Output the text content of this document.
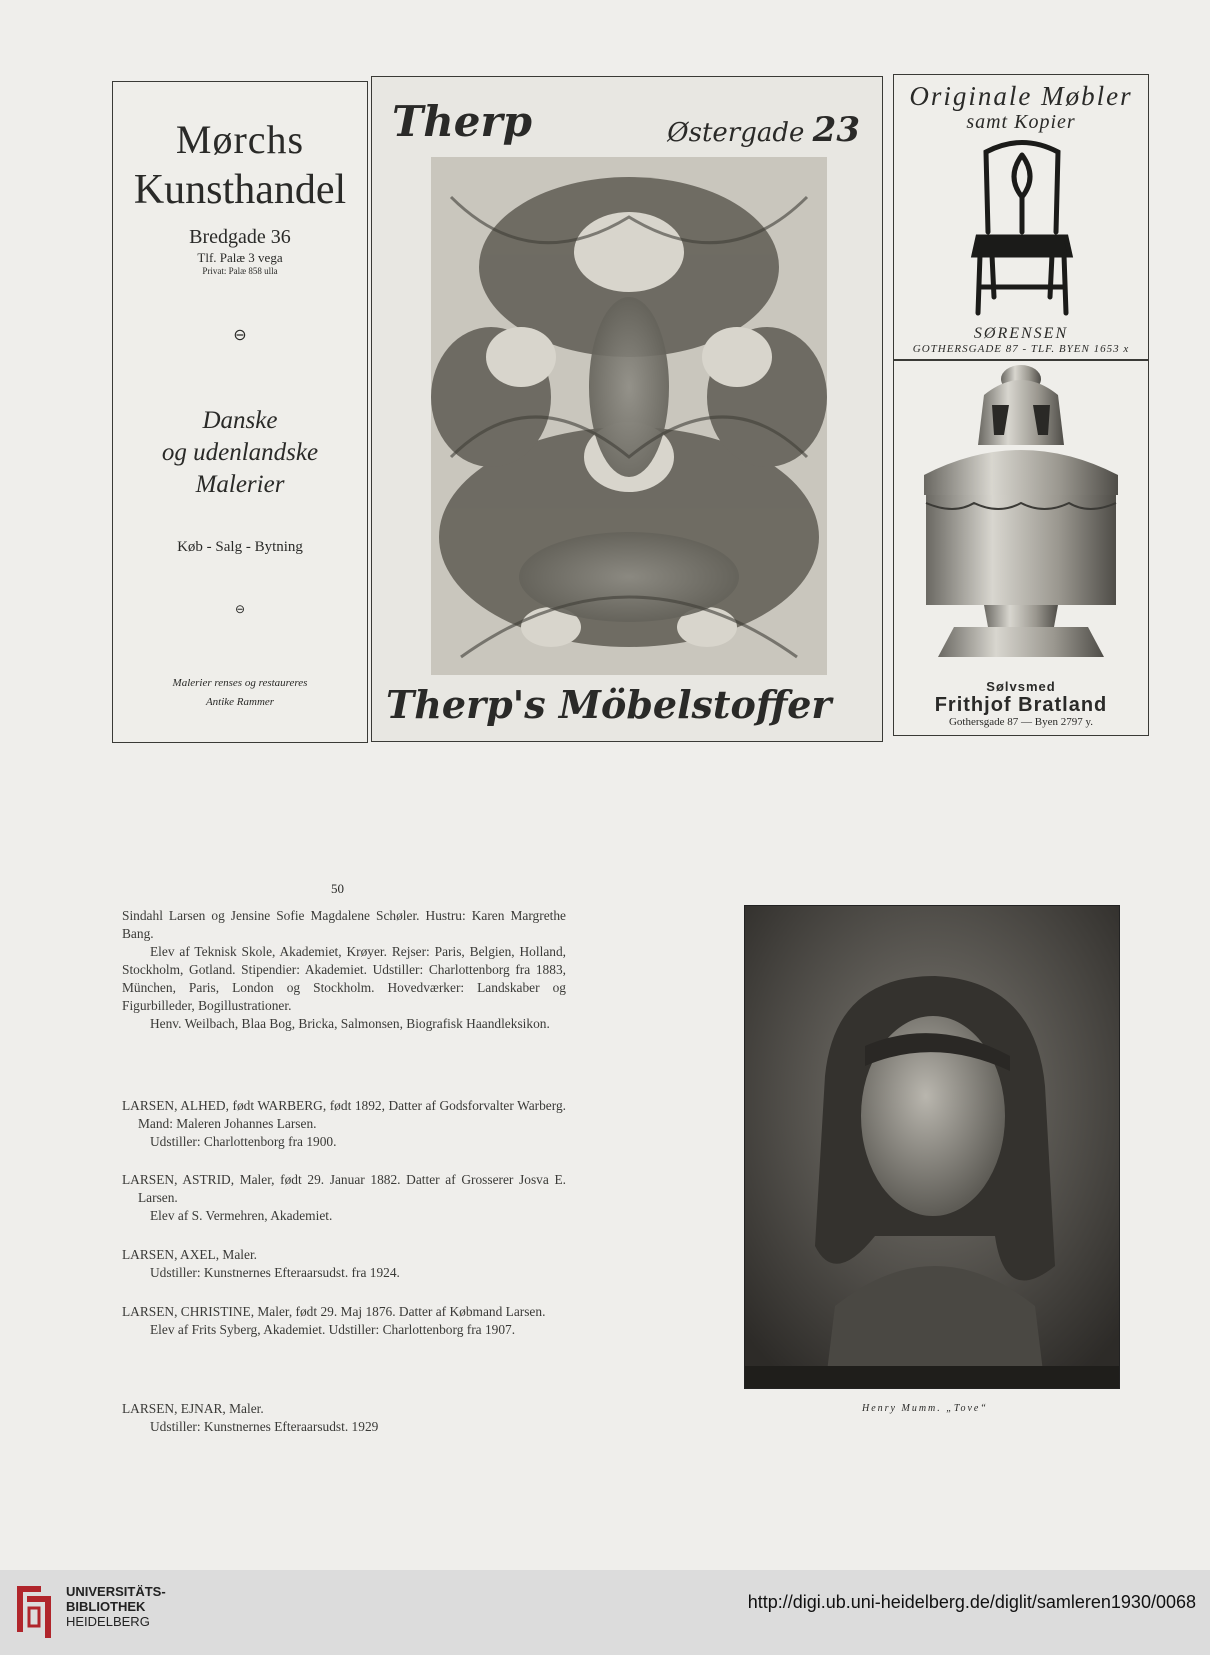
Mørchs
Kunsthandel
Bredgade 36
Tlf. Palæ 3 vega
Privat: Palæ 858 ulla
⊖
Danske
og udenlandske
Malerier
Køb - Salg - Bytning
⊖
Malerier renses og restaureres
Antike Rammer
Therp	Østergade 23
Therp's Möbelstoffer
Originale Møbler
samt Kopier
SØRENSEN
GOTHERSGADE 87 - TLF. BYEN 1653 x
Sølvsmed
Frithjof Bratland
Gothersgade 87 — Byen 2797 y.
50

Sindahl Larsen og Jensine Sofie Magdalene Schøler. Hustru: Karen Margrethe Bang.

Elev af Teknisk Skole, Akademiet, Krøyer. Rejser: Paris, Belgien, Holland, Stockholm, Gotland. Stipendier: Akademiet. Udstiller: Charlottenborg fra 1883, München, Paris, London og Stockholm. Hovedværker: Landskaber og Figurbilleder, Bogillustrationer.

Henv. Weilbach, Blaa Bog, Bricka, Salmonsen, Biografisk Haandleksikon.

LARSEN, ALHED, født WARBERG, født 1892, Datter af Godsforvalter Warberg. Mand: Maleren Johannes Larsen.

Udstiller: Charlottenborg fra 1900.

LARSEN, ASTRID, Maler, født 29. Januar 1882. Datter af Grosserer Josva E. Larsen.

Elev af S. Vermehren, Akademiet.

LARSEN, AXEL, Maler.

Udstiller: Kunstnernes Efteraarsudst. fra 1924.

LARSEN, CHRISTINE, Maler, født 29. Maj 1876. Datter af Købmand Larsen.

Elev af Frits Syberg, Akademiet. Udstiller: Charlottenborg fra 1907.

LARSEN, EJNAR, Maler.

Udstiller: Kunstnernes Efteraarsudst. 1929

Henry Mumm. „Tove“
UNIVERSITÄTS-
BIBLIOTHEK
HEIDELBERG
http://digi.ub.uni-heidelberg.de/diglit/samleren1930/0068
